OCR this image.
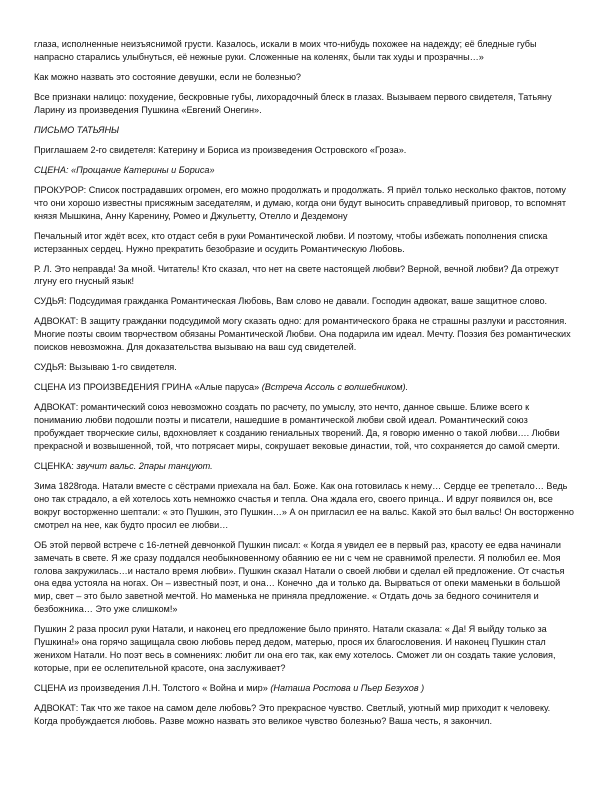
глаза, исполненные неизъяснимой грусти. Казалось, искали в моих что-нибудь похожее на надежду; её бледные губы напрасно старались улыбнуться, её нежные руки. Сложенные на коленях, были так худы и прозрачны…»

Как можно назвать это состояние девушки, если не болезнью?

Все признаки налицо: похудение, бескровные губы, лихорадочный блеск в глазах. Вызываем первого свидетеля, Татьяну Ларину из произведения Пушкина «Евгений Онегин».

ПИСЬМО ТАТЬЯНЫ

Приглашаем 2-го свидетеля: Катерину и Бориса из произведения Островского «Гроза».

СЦЕНА: «Прощание Катерины и Бориса»

ПРОКУРОР: Список пострадавших огромен, его можно продолжать и продолжать. Я приёл только несколько фактов, потому что они хорошо известны присяжным заседателям, и думаю, когда они будут выносить справедливый приговор, то вспомнят князя Мышкина, Анну Каренину, Ромео и Джульетту, Отелло и Дездемону

Печальный итог ждёт всех, кто отдаст себя в руки Романтической любви. И поэтому, чтобы избежать пополнения списка истерзанных сердец. Нужно прекратить безобразие и осудить Романтическую Любовь.

Р. Л. Это неправда! За мной. Читатель! Кто сказал, что нет на свете настоящей любви? Верной, вечной любви? Да отрежут лгуну его гнусный язык!

СУДЬЯ: Подсудимая гражданка Романтическая Любовь, Вам слово не давали. Господин адвокат, ваше защитное слово.

АДВОКАТ: В защиту гражданки подсудимой могу сказать одно: для романтического брака не страшны разлуки и расстояния. Многие поэты своим творчеством обязаны Романтической Любви. Она подарила им идеал. Мечту. Поэзия без романтических поисков невозможна. Для доказательства вызываю на ваш суд свидетелей.

СУДЬЯ: Вызываю 1-го свидетеля.

СЦЕНА ИЗ ПРОИЗВЕДЕНИЯ ГРИНА «Алые паруса» (Встреча Ассоль с волшебником).

АДВОКАТ: романтический союз невозможно создать по расчету, по умыслу, это нечто, данное свыше. Ближе всего к пониманию любви подошли поэты и писатели, нашедшие в романтической любви свой идеал. Романтический союз пробуждает творческие силы, вдохновляет к созданию гениальных творений. Да, я говорю именно о такой любви…. Любви прекрасной и возвышенной, той, что потрясает миры, сокрушает вековые династии, той, что сохраняется до самой смерти.

СЦЕНКА: звучит вальс. 2пары танцуют.

Зима 1828года. Натали вместе с сёстрами приехала на бал. Боже. Как она готовилась к нему… Сердце ее трепетало… Ведь оно так страдало, а ей хотелось хоть немножко счастья и тепла. Она ждала его, своего принца.. И вдруг появился он, все вокруг восторженно шептали: « это Пушкин, это Пушкин…» А он пригласил ее на вальс. Какой это был вальс! Он восторженно смотрел на нее, как будто просил ее любви…

ОБ этой первой встрече с 16-летней девчонкой Пушкин писал: « Когда я увидел ее в первый раз, красоту ее едва начинали замечать в свете. Я же сразу поддался необыкновенному обаянию ее ни с чем не сравнимой прелести. Я полюбил ее. Моя голова закружилась…и настало время любви». Пушкин сказал Натали о своей любви и сделал ей предложение. От счастья она едва устояла на ногах. Он – известный поэт, и она… Конечно ,да и только да. Вырваться от опеки маменьки в большой мир, свет – это было заветной мечтой. Но маменька не приняла предложение. « Отдать дочь за бедного сочинителя и безбожника… Это уже слишком!»

Пушкин 2 раза просил руки Натали, и наконец его предложение было принято. Натали сказала: « Да! Я выйду только за Пушкина!» она горячо защищала свою любовь перед дедом, матерью, прося их благословения. И наконец Пушкин стал женихом Натали. Но поэт весь в сомнениях: любит ли она его так, как ему хотелось. Сможет ли он создать такие условия, которые, при ее ослепительной красоте, она заслуживает?

СЦЕНА из произведения Л.Н. Толстого « Война и мир» (Наташа Ростова и Пьер Безухов )

АДВОКАТ: Так что же такое на самом деле любовь? Это прекрасное чувство. Светлый, уютный мир приходит к человеку. Когда пробуждается любовь. Разве можно назвать это великое чувство болезнью? Ваша честь, я закончил.
